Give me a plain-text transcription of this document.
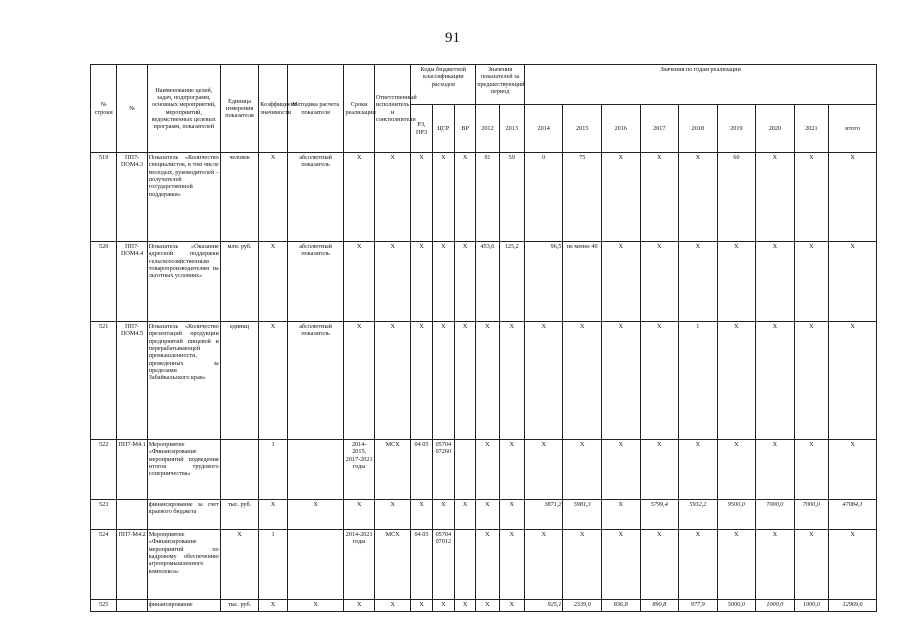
91
№ строки	№	Наименование целей, задач, подпрограмм, основных мероприятий, мероприятий, ведомственных целевых программ, показателей	Единица измерения показателя	Коэффициент значимости	Методика расчета показателя	Сроки реализации	Ответственный исполнитель и соисполнители	Коды бюджетной классификации расходов			Значения показателей за предшествующий период		Значения по годам реализации								
								РЗ, ПРЗ	ЦСР	ВР	2012	2013	2014	2015	2016	2017	2018	2019	2020	2021	итого
519	ПП7-ПОМ4.3	Показатель «Количество специалистов, в том числе молодых, руководителей – получателей государственной поддержки»	человек	X	абсолютный показатель	X	X	X	X	X	91	59	0	75	X	X	X	60	X	X	X
520	ПП7-ПОМ4.4	Показатель «Оказание адресной поддержки сельскохозяйственным товаропроизводителям на льготных условиях»	млн. руб.	X	абсолютный показатель	X	X	X	X	X	453,6	125,2	96,5	не менее 40	X	X	X	X	X	X	X
521	ПП7-ПОМ4.5	Показатель «Количество презентаций продукции предприятий пищевой и перерабатывающей промышленности, проведенных за пределами Забайкальского края»	единиц	X	абсолютный показатель	X	X	X	X	X	X	X	X	X	X	X	1	X	X	X	X
522	ПП7-М4.1	Мероприятие «Финансирование мероприятий подведения итогов трудового соперничества»		1		2014-2015, 2017-2021 годы	МСХ	04 05	05704 07260		X	X	X	X	X	X	X	X	X	X	X
523		финансирование за счет краевого бюджета	тыс. руб.	X	X	X	X	X	X	X	X	X	3871,2	5981,3	X	5799,4	5932,2	9500,0	7000,0	7000,0	47084,1
524	ПП7-М4.2	Мероприятие «Финансирование мероприятий по кадровому обеспечению агропромышленного комплекса»	X	1		2014-2021 годы	МСХ	04 05	05704 07012		X	X	X	X	X	X	X	X	X	X	X
525		финансирование	тыс. руб.	X	X	X	X	X	X	X	X	X	925,1	2339,0	836,8	890,8	977,9	5000,0	1000,0	1000,0	12969,6
